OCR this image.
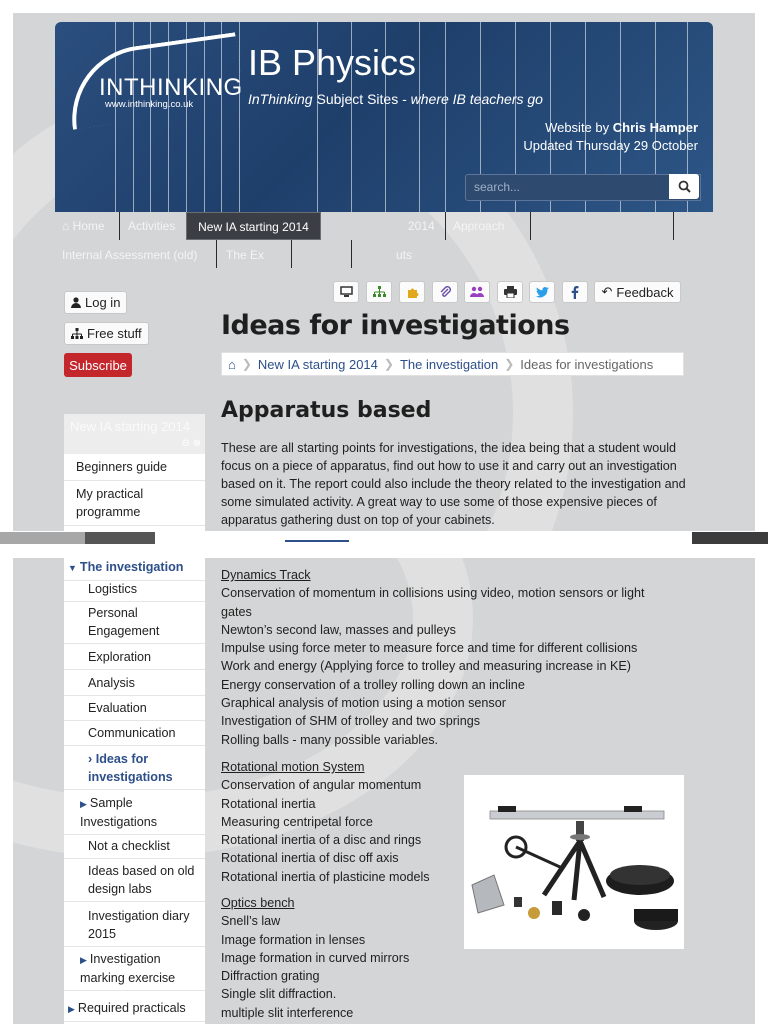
INTHINKING
www.inthinking.co.uk
IB Physics
InThinking Subject Sites - where IB teachers go
Website by Chris Hamper
Updated Thursday 29 October
search...
⌂ Home Activities	New IA starting 2014	2014 Approach
Internal Assessment (old) The Ex	uts
↶ Feedback
Log in
Free stuff
Subscribe
Ideas for investigations
⌂ ❯ New IA starting 2014 ❯ The investigation ❯ Ideas for investigations
Apparatus based
These are all starting points for investigations, the idea being that a student would focus on a piece of apparatus, find out how to use it and carry out an investigation based on it. The report could also include the theory related to the investigation and some simulated activity. A great way to use some of those expensive pieces of apparatus gathering dust on top of your cabinets.
New IA starting 2014
⊖ ⊕
Beginners guide
My practical programme
▼ The investigation
Logistics
Personal Engagement
Exploration
Analysis
Evaluation
Communication
› Ideas for investigations
▶ Sample Investigations
Not a checklist
Ideas based on old design labs
Investigation diary 2015
▶ Investigation marking exercise
▶ Required practicals
Dynamics Track
Conservation of momentum in collisions using video, motion sensors or light
gates
Newton’s second law, masses and pulleys
Impulse using force meter to measure force and time for different collisions
Work and energy (Applying force to trolley and measuring increase in KE)
Energy conservation of a trolley rolling down an incline
Graphical analysis of motion using a motion sensor
Investigation of SHM of trolley and two springs
Rolling balls - many possible variables.
Rotational motion System
Conservation of angular momentum
Rotational inertia
Measuring centripetal force
Rotational inertia of a disc and rings
Rotational inertia of disc off axis
Rotational inertia of plasticine models
Optics bench
Snell’s law
Image formation in lenses
Image formation in curved mirrors
Diffraction grating
Single slit diffraction.
multiple slit interference
